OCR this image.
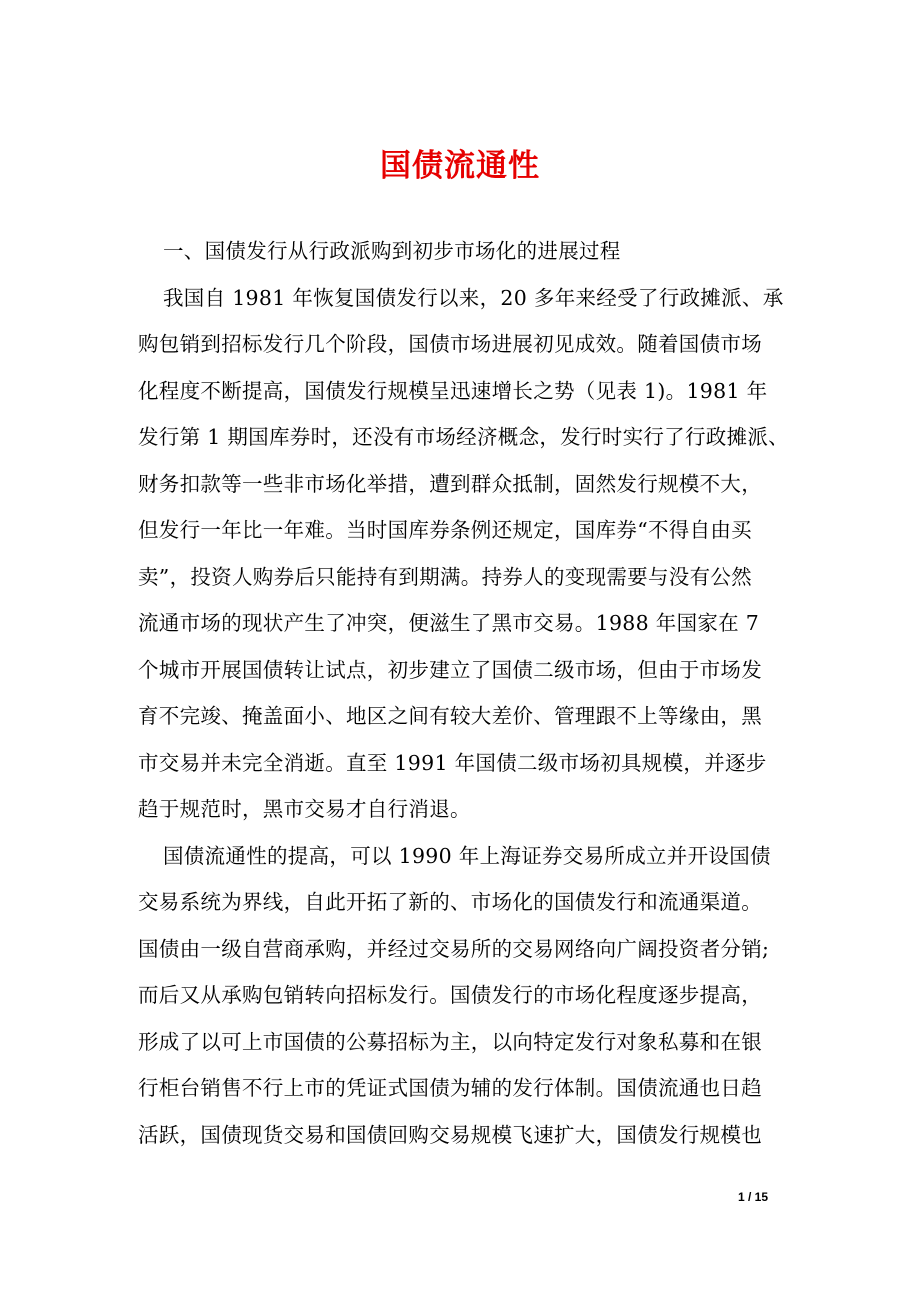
国债流通性
一、国债发行从行政派购到初步市场化的进展过程
我国自 1981 年恢复国债发行以来，20 多年来经受了行政摊派、承
购包销到招标发行几个阶段，国债市场进展初见成效。随着国债市场
化程度不断提高，国债发行规模呈迅速增长之势（见表 1)。1981 年
发行第 1 期国库券时，还没有市场经济概念，发行时实行了行政摊派、
财务扣款等一些非市场化举措，遭到群众抵制，固然发行规模不大，
但发行一年比一年难。当时国库券条例还规定，国库券“不得自由买
卖”，投资人购券后只能持有到期满。持券人的变现需要与没有公然
流通市场的现状产生了冲突，便滋生了黑市交易。1988 年国家在 7
个城市开展国债转让试点，初步建立了国债二级市场，但由于市场发
育不完竣、掩盖面小、地区之间有较大差价、管理跟不上等缘由，黑
市交易并未完全消逝。直至 1991 年国债二级市场初具规模，并逐步
趋于规范时，黑市交易才自行消退。
国债流通性的提高，可以 1990 年上海证券交易所成立并开设国债
交易系统为界线，自此开拓了新的、市场化的国债发行和流通渠道。
国债由一级自营商承购，并经过交易所的交易网络向广阔投资者分销;
而后又从承购包销转向招标发行。国债发行的市场化程度逐步提高，
形成了以可上市国债的公募招标为主，以向特定发行对象私募和在银
行柜台销售不行上市的凭证式国债为辅的发行体制。国债流通也日趋
活跃，国债现货交易和国债回购交易规模飞速扩大，国债发行规模也
1 / 15
